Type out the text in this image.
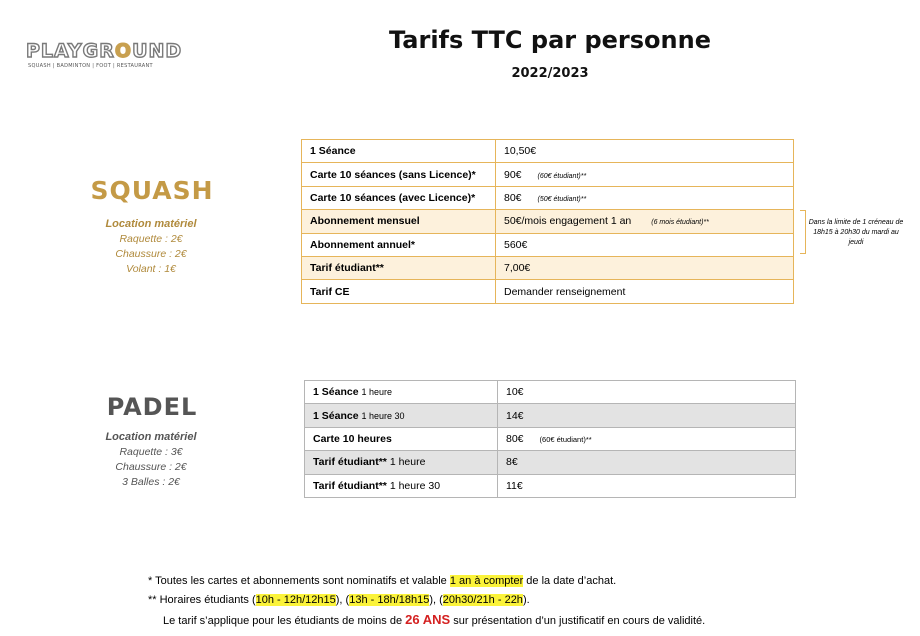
PLAYGROUND
SQUASH | BADMINTON | FOOT | RESTAURANT
Tarifs TTC par personne
2022/2023
SQUASH
Location matériel
Raquette : 2€
Chaussure : 2€
Volant : 1€
1 Séance	10,50€
Carte 10 séances (sans Licence)*	90€ (60€ étudiant)**
Carte 10 séances (avec Licence)*	80€ (50€ étudiant)**
Abonnement mensuel	50€/mois engagement 1 an (6 mois étudiant)**
Abonnement annuel*	560€
Tarif étudiant**	7,00€
Tarif CE	Demander renseignement
Dans la limite de 1 créneau de 18h15 à 20h30 du mardi au jeudi
PADEL
Location matériel
Raquette : 3€
Chaussure : 2€
3 Balles : 2€
1 Séance 1 heure	10€
1 Séance 1 heure 30	14€
Carte 10 heures	80€ (60€ étudiant)**
Tarif étudiant** 1 heure	8€
Tarif étudiant** 1 heure 30	11€
* Toutes les cartes et abonnements sont nominatifs et valable 1 an à compter de la date d’achat.
** Horaires étudiants (10h - 12h/12h15), (13h - 18h/18h15), (20h30/21h - 22h).
Le tarif s’applique pour les étudiants de moins de 26 ANS sur présentation d’un justificatif en cours de validité.
